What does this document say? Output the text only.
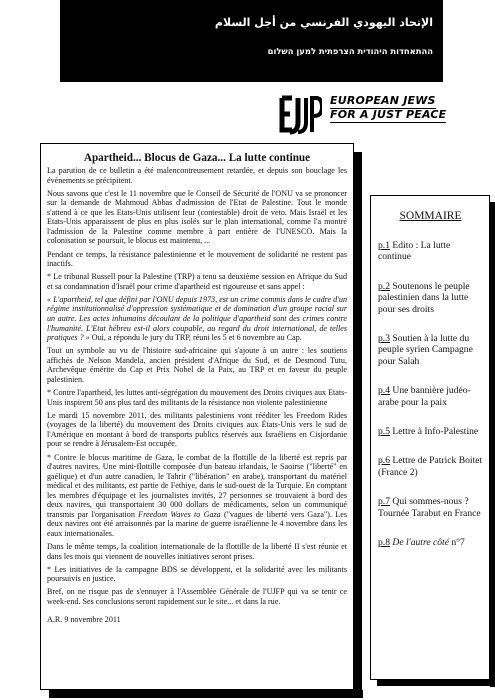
الإتحاد اليهودي الفرنسي من أجل السلام
ההתאחדות היהודית הצרפתית למען השלום
EUROPEAN JEWS
FOR A JUST PEACE
Apartheid... Blocus de Gaza... La lutte continue

La parution de ce bulletin a été malencontreusement retardée, et depuis son bouclage les événements se précipitent.

Nous savons que c'est le 11 novembre que le Conseil de Sécurité de l'ONU va se prononcer sur la demande de Mahmoud Abbas d'admission de l'Etat de Palestine. Tout le monde s'attend à ce que les Etats-Unis utilisent leur (contestable) droit de veto. Mais Israël et les Etats-Unis apparaissent de plus en plus isolés sur le plan international, comme l'a montré l'admission de la Palestine comme membre à part entière de l'UNESCO. Mais la colonisation se poursuit, le blocus est maintenu, ...

Pendant ce temps, la résistance palestinienne et le mouvement de solidarité ne restent pas inactifs.

* Le tribunal Russell pour la Palestine (TRP) a tenu sa deuxième session en Afrique du Sud et sa condamnation d'Israël pour crime d'apartheid est rigoureuse et sans appel :

« L'apartheid, tel que défini par l'ONU depuis 1973, est un crime commis dans le cadre d'un régime institutionnalisé d'oppression systématique et de domination d'un groupe racial sur un autre. Les actes inhumains découlant de la politique d'apartheid sont des crimes contre l'humanité. L'Etat hébreu est-il alors coupable, au regard du droit international, de telles pratiques ? » Oui, a répondu le jury du TRP, réuni les 5 et 6 novembre au Cap.

Tout un symbole au vu de l'histoire sud-africaine qui s'ajoute à un autre : les soutiens affichés de Nelson Mandela, ancien président d'Afrique du Sud, et de Desmond Tutu, Archevêque émérite du Cap et Prix Nobel de la Paix, au TRP et en faveur du peuple palestinien.

* Contre l'apartheid, les luttes anti-ségrégation du mouvement des Droits civiques aux Etats-Unis inspirent 50 ans plus tard des militants de la résistance non violente palestinienne

Le mardi 15 novembre 2011, des militants palestiniens vont rééditer les Freedom Rides (voyages de la liberté) du mouvement des Droits civiques aux États-Unis vers le sud de l'Amérique en montant à bord de transports publics réservés aux Israéliens en Cisjordanie pour se rendre à Jérusalem-Est occupée.

* Contre le blocus maritime de Gaza, le combat de la flottille de la liberté est repris par d'autres navires. Une mini-flottille composée d'un bateau irlandais, le Saoirse ("liberté" en gaélique) et d'un autre canadien, le Tahrir ("libération" en arabe), transportant du matériel médical et des militants, est partie de Fethiye, dans le sud-ouest de la Turquie. En comptant les membres d'équipage et les journalistes invités, 27 personnes se trouvaient à bord des deux navires, qui transportaient 30 000 dollars de médicaments, selon un communiqué transmis par l'organisation Freedom Waves to Gaza ("vagues de liberté vers Gaza"). Les deux navires ont été arraisonnés par la marine de guerre israélienne le 4 novembre dans les eaux internationales.

Dans le même temps, la coalition internationale de la flottille de la liberté II s'est réunie et dans les mois qui viennent de nouvelles initiatives seront prises.

* Les initiatives de la campagne BDS se développent, et la solidarité avec les militants poursuivis en justice.

Bref, on ne risque pas de s'ennuyer à l'Assemblée Générale de l'UJFP qui va se tenir ce week-end. Ses conclusions seront rapidement sur le site... et dans la rue.

A.R. 9 novembre 2011

SOMMAIRE
p.1 Edito : La lutte continue
p.2 Soutenons le peuple palestinien dans la lutte pour ses droits
p.3 Soutien à la lutte du peuple syrien Campagne pour Salah
p.4 Une bannière judéo-arabe pour la paix
p.5 Lettre à Info-Palestine
p.6 Lettre de Patrick Boitet (France 2)
p.7 Qui sommes-nous ? Tournée Tarabut en France
p.8 De l'autre côté n°7
